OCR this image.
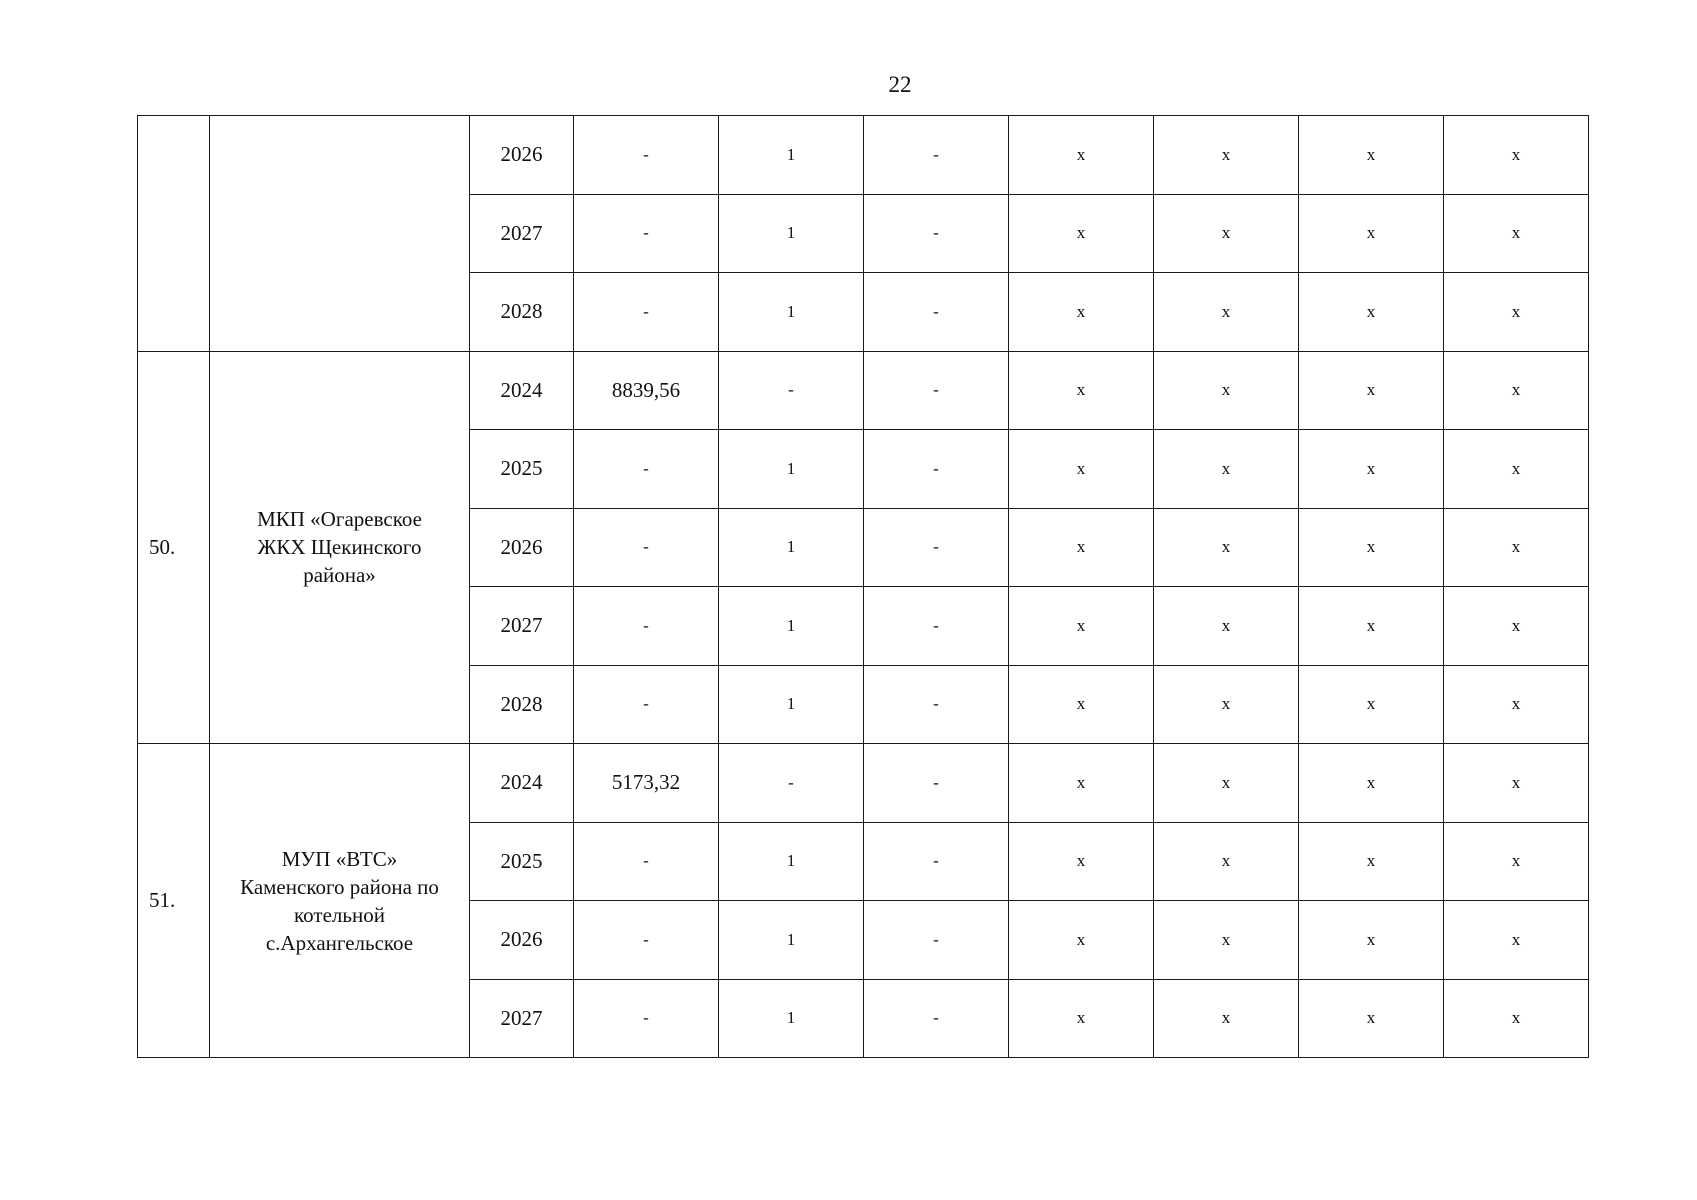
22
		2026	-	1	-	x	x	x	x
		2027	-	1	-	x	x	x	x
		2028	-	1	-	x	x	x	x
50.	МКП «Огаревское
ЖКХ Щекинского
района»	2024	8839,56	-	-	x	x	x	x
		2025	-	1	-	x	x	x	x
		2026	-	1	-	x	x	x	x
		2027	-	1	-	x	x	x	x
		2028	-	1	-	x	x	x	x
51.	МУП «ВТС»
Каменского района по
котельной
с.Архангельское	2024	5173,32	-	-	x	x	x	x
		2025	-	1	-	x	x	x	x
		2026	-	1	-	x	x	x	x
		2027	-	1	-	x	x	x	x
